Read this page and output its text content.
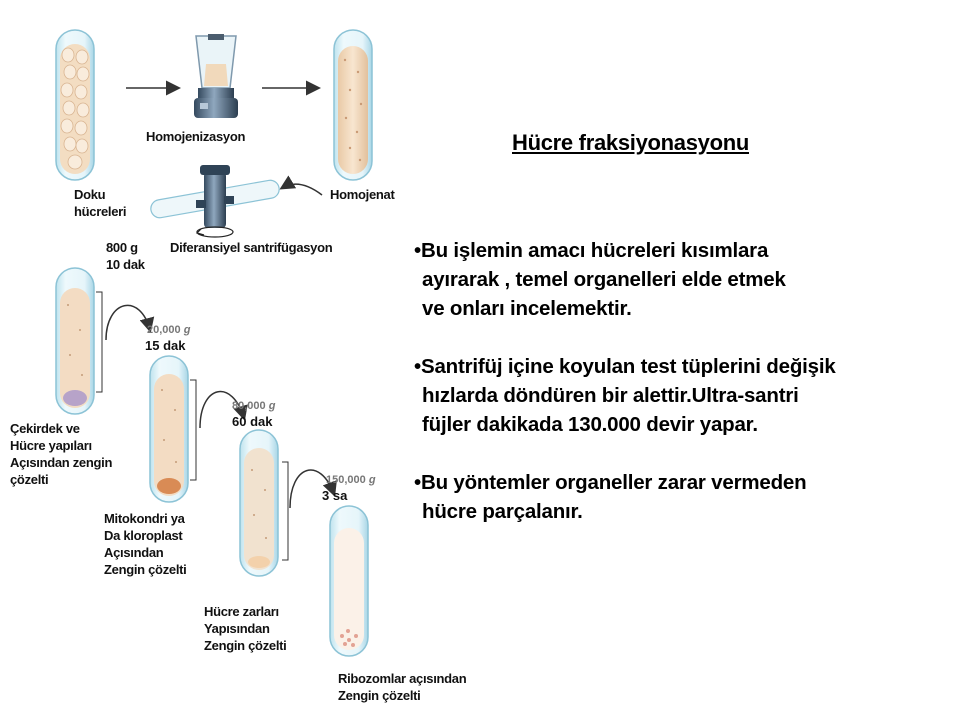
Doku
hücreleri
Homojenizasyon
Homojenat
Diferansiyel santrifügasyon
800 g
10 dak
Çekirdek ve
Hücre yapıları
Açısından zengin
çözelti
20,000 g
15 dak
Mitokondri ya
Da kloroplast
Açısından
Zengin çözelti
80,000 g
60 dak
Hücre zarları
Yapısından
Zengin çözelti
150,000 g
3 sa
Ribozomlar açısından
Zengin çözelti
Hücre fraksiyonasyonu
•Bu işlemin amacı hücreleri kısımlara
ayırarak , temel organelleri elde etmek
ve onları incelemektir.
•Santrifüj içine koyulan test tüplerini değişik
hızlarda döndüren bir alettir.Ultra-santri
füjler dakikada 130.000 devir yapar.
•Bu yöntemler organeller zarar vermeden
hücre parçalanır.
